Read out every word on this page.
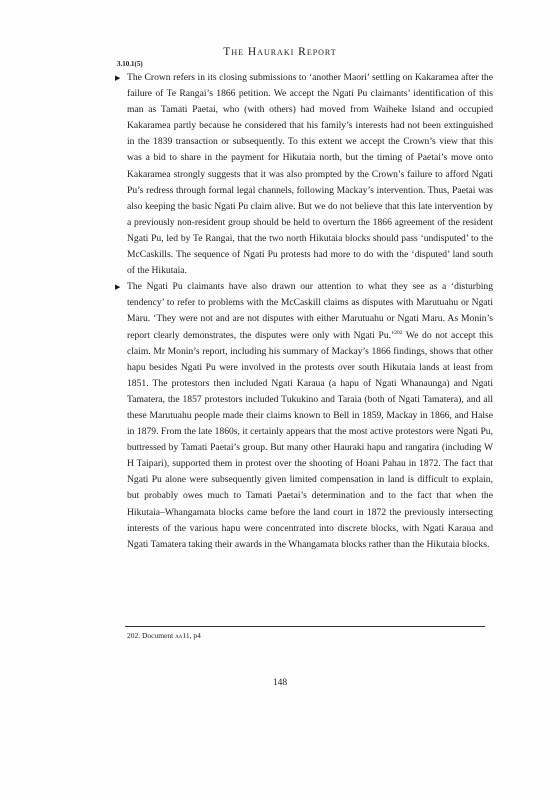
The Hauraki Report
3.10.1(5)
▶ The Crown refers in its closing submissions to ‘another Maori’ settling on Kakaramea after the failure of Te Rangai’s 1866 petition. We accept the Ngati Pu claimants’ identification of this man as Tamati Paetai, who (with others) had moved from Waiheke Island and occupied Kakaramea partly because he considered that his family’s interests had not been extinguished in the 1839 transaction or subsequently. To this extent we accept the Crown’s view that this was a bid to share in the payment for Hikutaia north, but the timing of Paetai’s move onto Kakaramea strongly suggests that it was also prompted by the Crown’s failure to afford Ngati Pu’s redress through formal legal channels, following Mackay’s intervention. Thus, Paetai was also keeping the basic Ngati Pu claim alive. But we do not believe that this late intervention by a previously non-resident group should be held to overturn the 1866 agreement of the resident Ngati Pu, led by Te Rangai, that the two north Hikutaia blocks should pass ‘undisputed’ to the McCaskills. The sequence of Ngati Pu protests had more to do with the ‘disputed’ land south of the Hikutaia.

▶ The Ngati Pu claimants have also drawn our attention to what they see as a ‘disturbing tendency’ to refer to problems with the McCaskill claims as disputes with Marutuahu or Ngati Maru. ‘They were not and are not disputes with either Marutuahu or Ngati Maru. As Monin’s report clearly demonstrates, the disputes were only with Ngati Pu.’$^{202}$ We do not accept this claim. Mr Monin’s report, including his summary of Mackay’s 1866 findings, shows that other hapu besides Ngati Pu were involved in the protests over south Hikutaia lands at least from 1851. The protestors then included Ngati Karaua (a hapu of Ngati Whanaunga) and Ngati Tamatera, the 1857 protestors included Tukukino and Taraia (both of Ngati Tamatera), and all these Marutuahu people made their claims known to Bell in 1859, Mackay in 1866, and Halse in 1879. From the late 1860s, it certainly appears that the most active protestors were Ngati Pu, buttressed by Tamati Paetai’s group. But many other Hauraki hapu and rangatira (including W H Taipari), supported them in protest over the shooting of Hoani Pahau in 1872. The fact that Ngati Pu alone were subsequently given limited compensation in land is difficult to explain, but probably owes much to Tamati Paetai’s determination and to the fact that when the Hikutaia–Whangamata blocks came before the land court in 1872 the previously intersecting interests of the various hapu were concentrated into discrete blocks, with Ngati Karaua and Ngati Tamatera taking their awards in the Whangamata blocks rather than the Hikutaia blocks.

202. Document aa11, p4
148
